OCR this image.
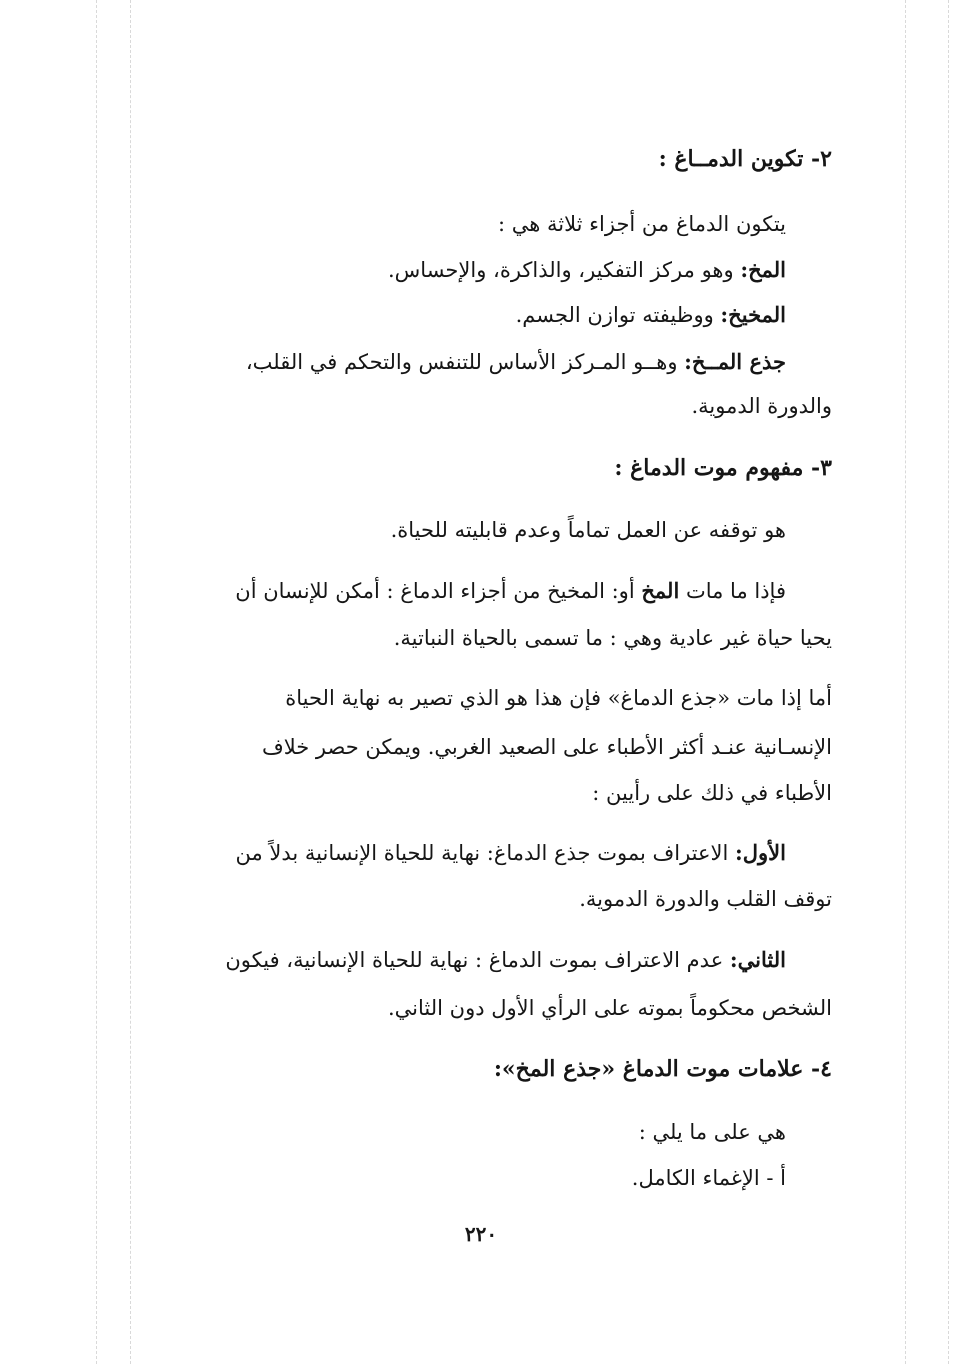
٢- تكوين الدمــاغ :
يتكون الدماغ من أجزاء ثلاثة هي :
المخ: وهو مركز التفكير، والذاكرة، والإحساس.
المخيخ: ووظيفته توازن الجسم.
جذع المــخ: وهــو المـركز الأساس للتنفس والتحكم في القلب،
والدورة الدموية.
٣- مفهوم موت الدماغ :
هو توقفه عن العمل تماماً وعدم قابليته للحياة.
فإذا ما مات المخ أو: المخيخ من أجزاء الدماغ : أمكن للإنسان أن
يحيا حياة غير عادية وهي : ما تسمى بالحياة النباتية.
أما إذا مات «جذع الدماغ» فإن هذا هو الذي تصير به نهاية الحياة
الإنسـانية عنـد أكثر الأطباء على الصعيد الغربي. ويمكن حصر خلاف
الأطباء في ذلك على رأيين :
الأول: الاعتراف بموت جذع الدماغ: نهاية للحياة الإنسانية بدلاً من
توقف القلب والدورة الدموية.
الثاني: عدم الاعتراف بموت الدماغ : نهاية للحياة الإنسانية، فيكون
الشخص محكوماً بموته على الرأي الأول دون الثاني.
٤- علامات موت الدماغ «جذع المخ»:
هي على ما يلي :
أ - الإغماء الكامل.
٢٢٠
